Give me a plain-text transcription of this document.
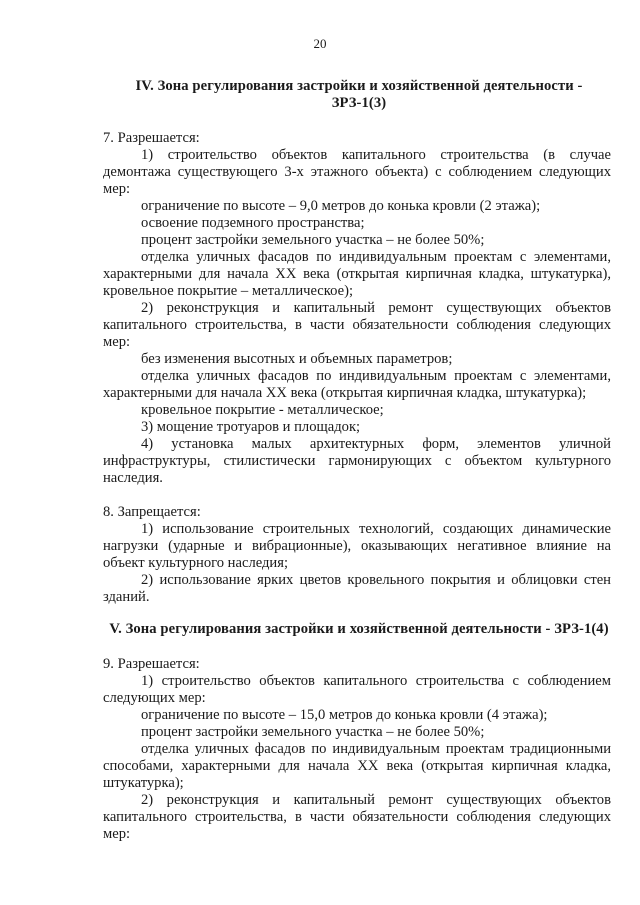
20
IV. Зона регулирования застройки и хозяйственной деятельности - ЗРЗ-1(3)

7. Разрешается:

1) строительство объектов капитального строительства (в случае демонтажа существующего 3-х этажного объекта) с соблюдением следующих мер:

ограничение по высоте – 9,0 метров до конька кровли (2 этажа);

освоение подземного пространства;

процент застройки земельного участка – не более 50%;

отделка уличных фасадов по индивидуальным проектам с элементами, характерными для начала XX века (открытая кирпичная кладка, штукатурка), кровельное покрытие – металлическое);

2) реконструкция и капитальный ремонт существующих объектов капитального строительства, в части обязательности соблюдения следующих мер:

без изменения высотных и объемных параметров;

отделка уличных фасадов по индивидуальным проектам с элементами, характерными для начала XX века (открытая кирпичная кладка, штукатурка);

кровельное покрытие - металлическое;

3) мощение тротуаров и площадок;

4) установка малых архитектурных форм, элементов уличной инфраструктуры, стилистически гармонирующих с объектом культурного наследия.

8. Запрещается:

1) использование строительных технологий, создающих динамические нагрузки (ударные и вибрационные), оказывающих негативное влияние на объект культурного наследия;

2) использование ярких цветов кровельного покрытия и облицовки стен зданий.

V. Зона регулирования застройки и хозяйственной деятельности - ЗРЗ-1(4)

9. Разрешается:

1) строительство объектов капитального строительства с соблюдением следующих мер:

ограничение по высоте – 15,0 метров до конька кровли (4 этажа);

процент застройки земельного участка – не более 50%;

отделка уличных фасадов по индивидуальным проектам традиционными способами, характерными для начала XX века (открытая кирпичная кладка, штукатурка);

2) реконструкция и капитальный ремонт существующих объектов капитального строительства, в части обязательности соблюдения следующих мер:
